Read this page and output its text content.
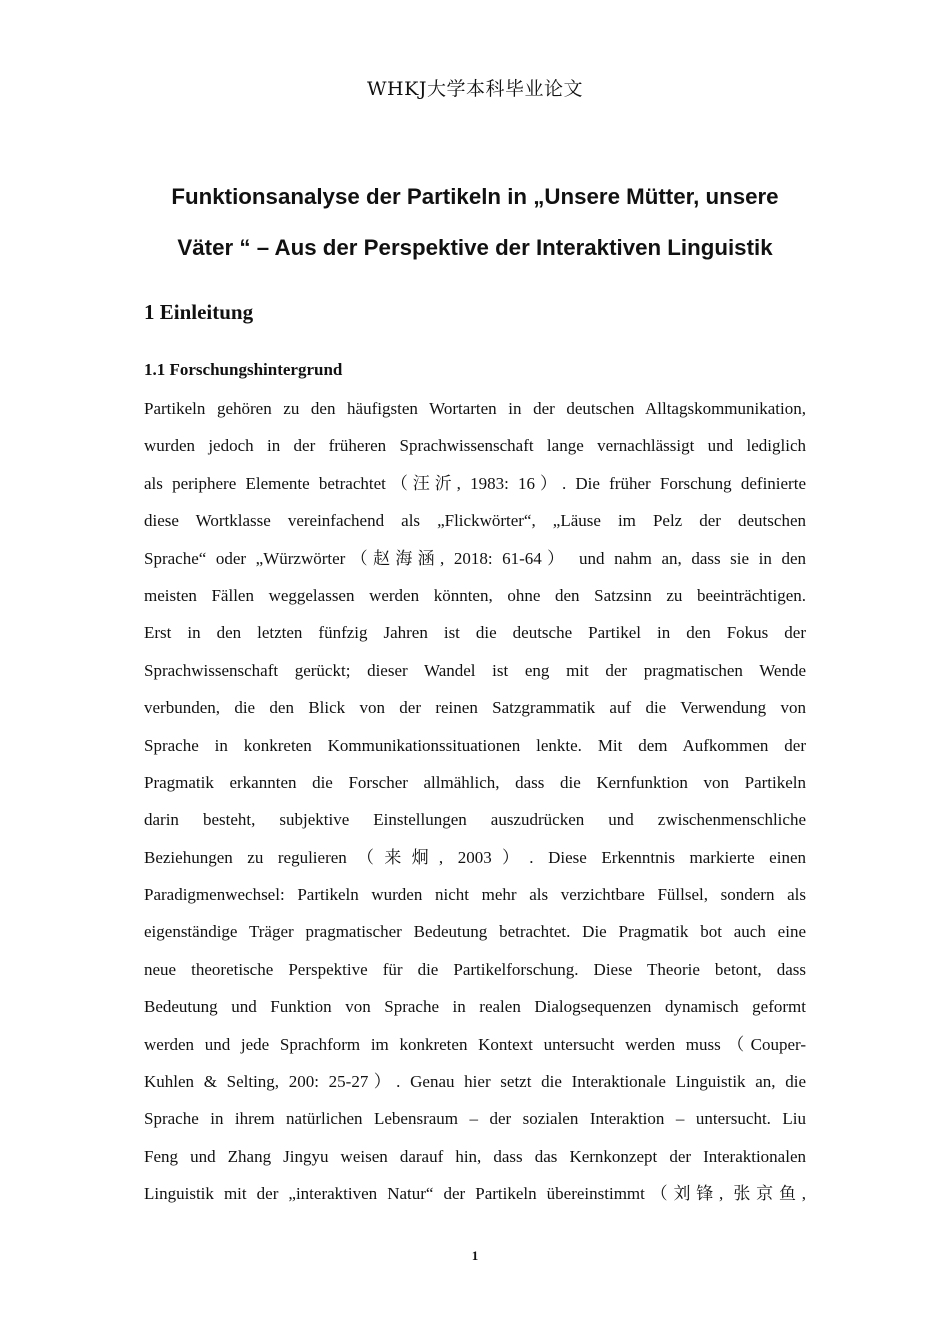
WHKJ大学本科毕业论文
Funktionsanalyse der Partikeln in „Unsere Mütter, unsere
Väter “ – Aus der Perspektive der Interaktiven Linguistik
1 Einleitung
1.1 Forschungshintergrund
Partikeln gehören zu den häufigsten Wortarten in der deutschen Alltagskommunikation,
wurden jedoch in der früheren Sprachwissenschaft lange vernachlässigt und lediglich
als periphere Elemente betrachtet（汪沂, 1983: 16）. Die früher Forschung definierte
diese Wortklasse vereinfachend als „Flickwörter“, „Läuse im Pelz der deutschen
Sprache“ oder „Würzwörter（赵海涵, 2018: 61-64） und nahm an, dass sie in den
meisten Fällen weggelassen werden könnten, ohne den Satzsinn zu beeinträchtigen.
Erst in den letzten fünfzig Jahren ist die deutsche Partikel in den Fokus der
Sprachwissenschaft gerückt; dieser Wandel ist eng mit der pragmatischen Wende
verbunden, die den Blick von der reinen Satzgrammatik auf die Verwendung von
Sprache in konkreten Kommunikationssituationen lenkte. Mit dem Aufkommen der
Pragmatik erkannten die Forscher allmählich, dass die Kernfunktion von Partikeln
darin besteht, subjektive Einstellungen auszudrücken und zwischenmenschliche
Beziehungen zu regulieren（来炯, 2003）. Diese Erkenntnis markierte einen
Paradigmenwechsel: Partikeln wurden nicht mehr als verzichtbare Füllsel, sondern als
eigenständige Träger pragmatischer Bedeutung betrachtet. Die Pragmatik bot auch eine
neue theoretische Perspektive für die Partikelforschung. Diese Theorie betont, dass
Bedeutung und Funktion von Sprache in realen Dialogsequenzen dynamisch geformt
werden und jede Sprachform im konkreten Kontext untersucht werden muss（Couper-
Kuhlen & Selting, 200: 25-27）. Genau hier setzt die Interaktionale Linguistik an, die
Sprache in ihrem natürlichen Lebensraum – der sozialen Interaktion – untersucht. Liu
Feng und Zhang Jingyu weisen darauf hin, dass das Kernkonzept der Interaktionalen
Linguistik mit der „interaktiven Natur“ der Partikeln übereinstimmt（刘锋, 张京鱼,
1
